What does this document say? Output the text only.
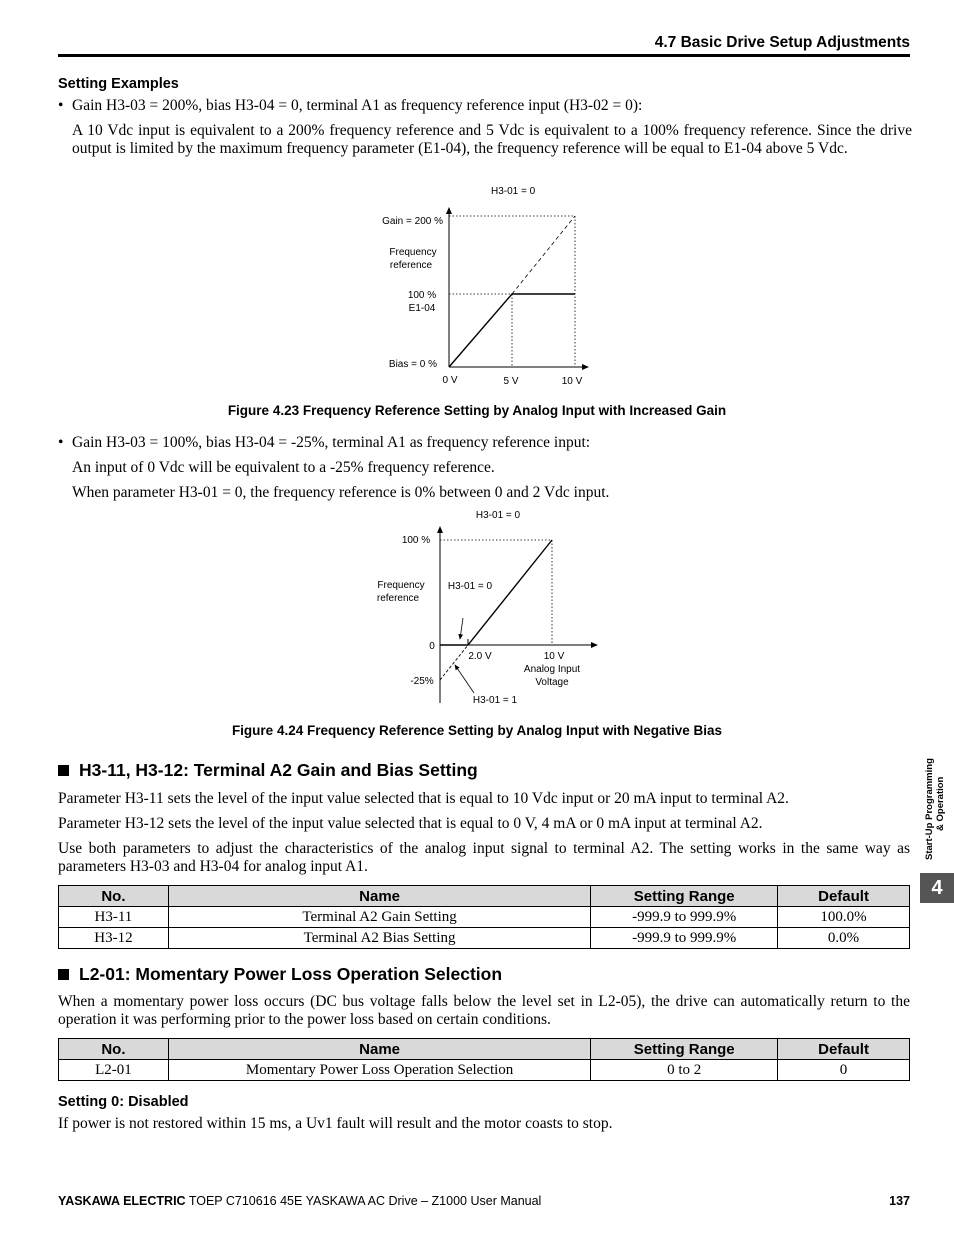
4.7 Basic Drive Setup Adjustments
Setting Examples
• Gain H3-03 = 200%, bias H3-04 = 0, terminal A1 as frequency reference input (H3-02 = 0):
A 10 Vdc input is equivalent to a 200% frequency reference and 5 Vdc is equivalent to a 100% frequency reference. Since the drive output is limited by the maximum frequency parameter (E1-04), the frequency reference will be equal to E1-04 above 5 Vdc.
H3-01 = 0
Gain = 200 %
Frequency
reference
100 %
E1-04
Bias = 0 %
0 V	5 V	10 V
Figure 4.23 Frequency Reference Setting by Analog Input with Increased Gain
• Gain H3-03 = 100%, bias H3-04 = -25%, terminal A1 as frequency reference input:
An input of 0 Vdc will be equivalent to a -25% frequency reference.
When parameter H3-01 = 0, the frequency reference is 0% between 0 and 2 Vdc input.
H3-01 = 0
100 %
Frequency
reference
H3-01 = 0
0
-25%
2.0 V	10 V
Analog Input
Voltage
H3-01 = 1
Figure 4.24 Frequency Reference Setting by Analog Input with Negative Bias
H3-11, H3-12: Terminal A2 Gain and Bias Setting
Parameter H3-11 sets the level of the input value selected that is equal to 10 Vdc input or 20 mA input to terminal A2.
Parameter H3-12 sets the level of the input value selected that is equal to 0 V, 4 mA or 0 mA input at terminal A2.
Use both parameters to adjust the characteristics of the analog input signal to terminal A2. The setting works in the same way as parameters H3-03 and H3-04 for analog input A1.
No.	Name	Setting Range	Default
H3-11	Terminal A2 Gain Setting	-999.9 to 999.9%	100.0%
H3-12	Terminal A2 Bias Setting	-999.9 to 999.9%	0.0%
L2-01: Momentary Power Loss Operation Selection
When a momentary power loss occurs (DC bus voltage falls below the level set in L2-05), the drive can automatically return to the operation it was performing prior to the power loss based on certain conditions.
No.	Name	Setting Range	Default
L2-01	Momentary Power Loss Operation Selection	0 to 2	0
Setting 0: Disabled
If power is not restored within 15 ms, a Uv1 fault will result and the motor coasts to stop.
Start-Up Programming & Operation
4
YASKAWA ELECTRIC TOEP C710616 45E YASKAWA AC Drive – Z1000 User Manual	137
